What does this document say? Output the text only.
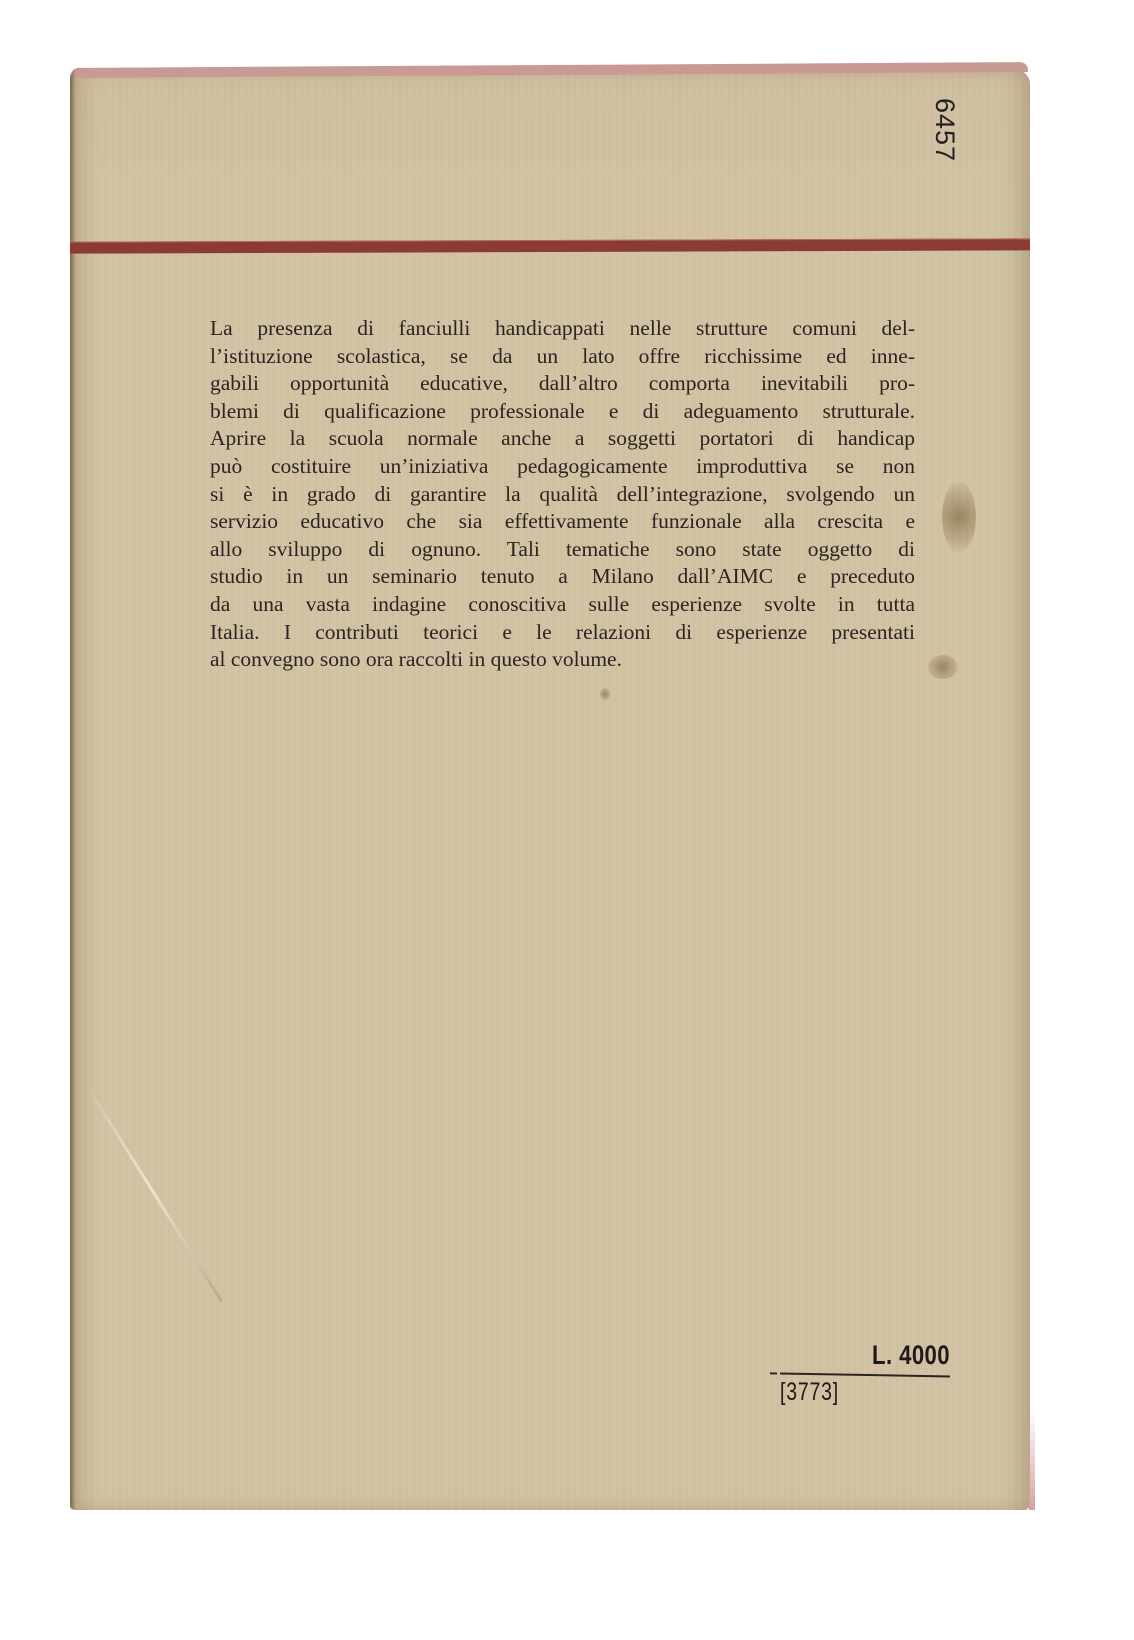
6457
La presenza di fanciulli handicappati nelle strutture comuni del-
l’istituzione scolastica, se da un lato offre ricchissime ed inne-
gabili opportunità educative, dall’altro comporta inevitabili pro-
blemi di qualificazione professionale e di adeguamento strutturale.
Aprire la scuola normale anche a soggetti portatori di handicap
può costituire un’iniziativa pedagogicamente improduttiva se non
si è in grado di garantire la qualità dell’integrazione, svolgendo un
servizio educativo che sia effettivamente funzionale alla crescita e
allo sviluppo di ognuno. Tali tematiche sono state oggetto di
studio in un seminario tenuto a Milano dall’AIMC e preceduto
da una vasta indagine conoscitiva sulle esperienze svolte in tutta
Italia. I contributi teorici e le relazioni di esperienze presentati
al convegno sono ora raccolti in questo volume.
L. 4000
[3773]
